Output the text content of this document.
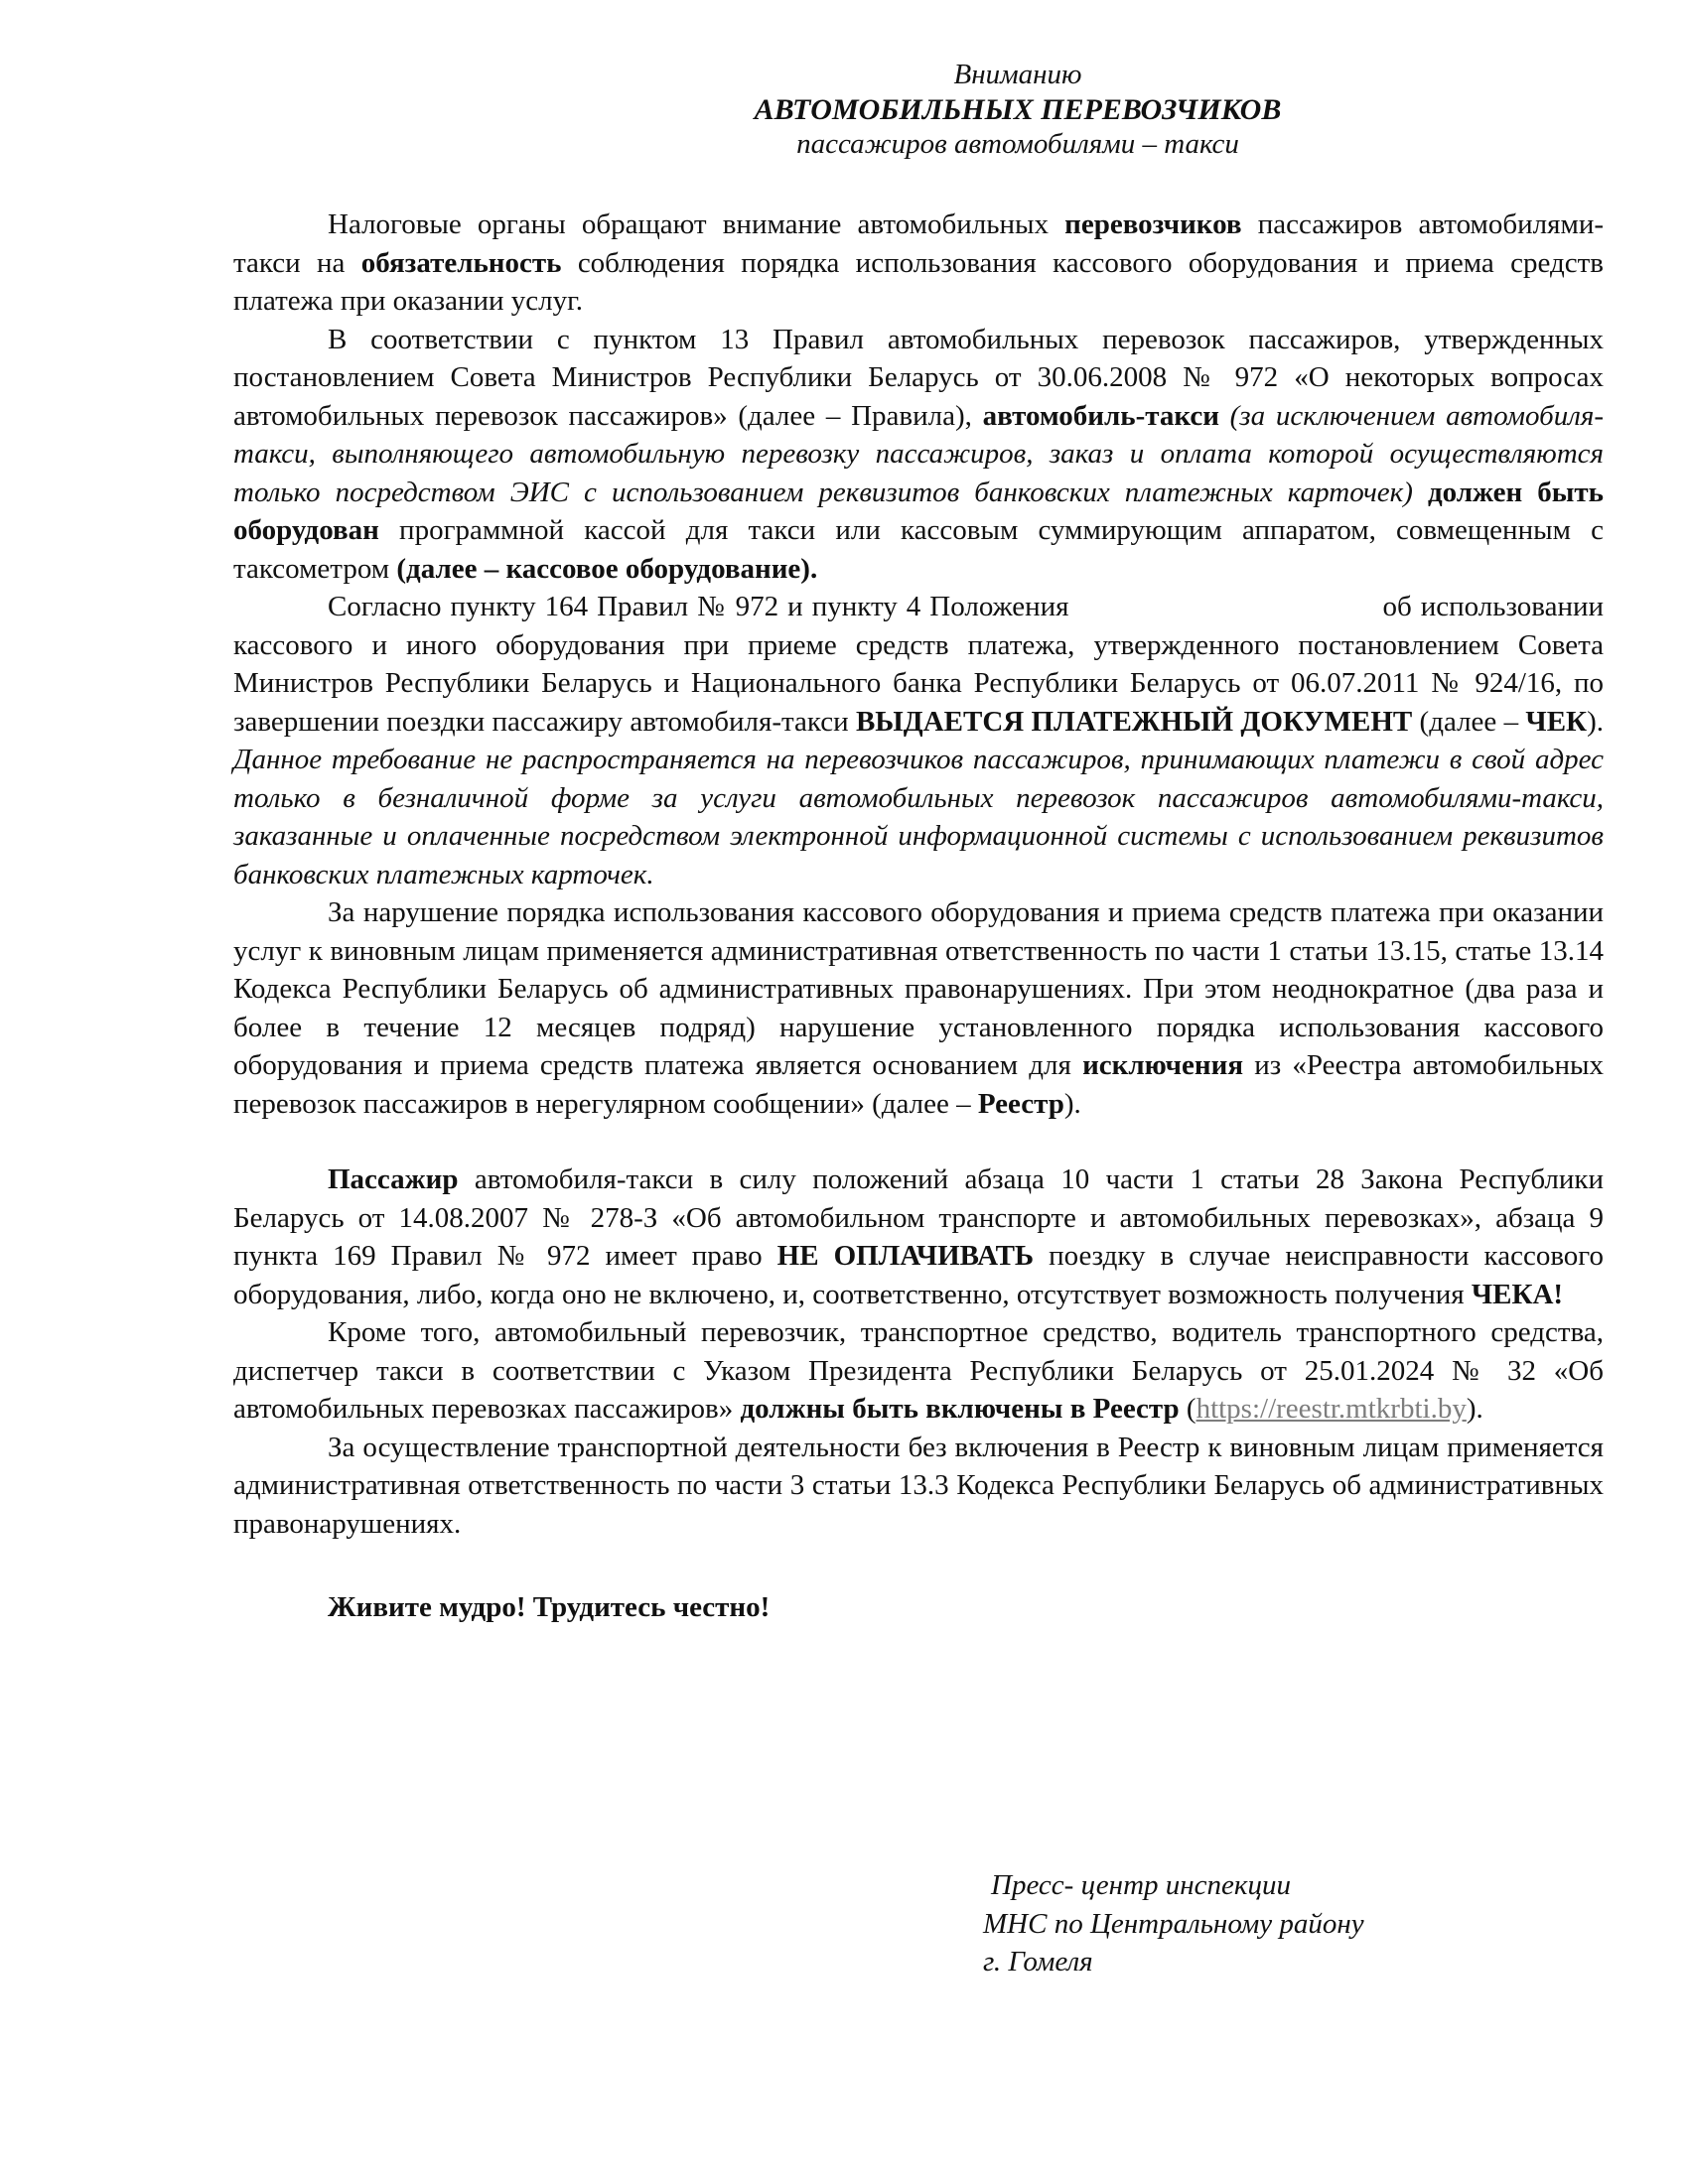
Вниманию
АВТОМОБИЛЬНЫХ ПЕРЕВОЗЧИКОВ
пассажиров автомобилями – такси

Налоговые органы обращают внимание автомобильных перевозчиков пассажиров автомобилями-такси на обязательность соблюдения порядка использования кассового оборудования и приема средств платежа при оказании услуг.

В соответствии с пунктом 13 Правил автомобильных перевозок пассажиров, утвержденных постановлением Совета Министров Республики Беларусь от 30.06.2008 № 972 «О некоторых вопросах автомобильных перевозок пассажиров» (далее – Правила), автомобиль-такси (за исключением автомобиля-такси, выполняющего автомобильную перевозку пассажиров, заказ и оплата которой осуществляются только посредством ЭИС с использованием реквизитов банковских платежных карточек) должен быть оборудован программной кассой для такси или кассовым суммирующим аппаратом, совмещенным с таксометром (далее – кассовое оборудование).

Согласно пункту 164 Правил № 972 и пункту 4 Положения                                   об использовании кассового и иного оборудования при приеме средств платежа, утвержденного постановлением Совета Министров Республики Беларусь и Национального банка Республики Беларусь от 06.07.2011 № 924/16, по завершении поездки пассажиру автомобиля-такси ВЫДАЕТСЯ ПЛАТЕЖНЫЙ ДОКУМЕНТ (далее – ЧЕК). Данное требование не распространяется на перевозчиков пассажиров, принимающих платежи в свой адрес только в безналичной форме за услуги автомобильных перевозок пассажиров автомобилями-такси, заказанные и оплаченные посредством электронной информационной системы с использованием реквизитов банковских платежных карточек.

За нарушение порядка использования кассового оборудования и приема средств платежа при оказании услуг к виновным лицам применяется административная ответственность по части 1 статьи 13.15, статье 13.14 Кодекса Республики Беларусь об административных правонарушениях. При этом неоднократное (два раза и более в течение 12 месяцев подряд) нарушение установленного порядка использования кассового оборудования и приема средств платежа является основанием для исключения из «Реестра автомобильных перевозок пассажиров в нерегулярном сообщении» (далее – Реестр).

Пассажир автомобиля-такси в силу положений абзаца 10 части 1 статьи 28 Закона Республики Беларусь от 14.08.2007 № 278-З «Об автомобильном транспорте и автомобильных перевозках», абзаца 9 пункта 169 Правил № 972 имеет право НЕ ОПЛАЧИВАТЬ поездку в случае неисправности кассового оборудования, либо, когда оно не включено, и, соответственно, отсутствует возможность получения ЧЕКА!

Кроме того, автомобильный перевозчик, транспортное средство, водитель транспортного средства, диспетчер такси в соответствии с Указом Президента Республики Беларусь от 25.01.2024 № 32 «Об автомобильных перевозках пассажиров» должны быть включены в Реестр (https://reestr.mtkrbti.by).

За осуществление транспортной деятельности без включения в Реестр к виновным лицам применяется административная ответственность по части 3 статьи 13.3 Кодекса Республики Беларусь об административных правонарушениях.

Живите мудро! Трудитесь честно!

Пресс- центр инспекции
МНС по Центральному району
г. Гомеля
